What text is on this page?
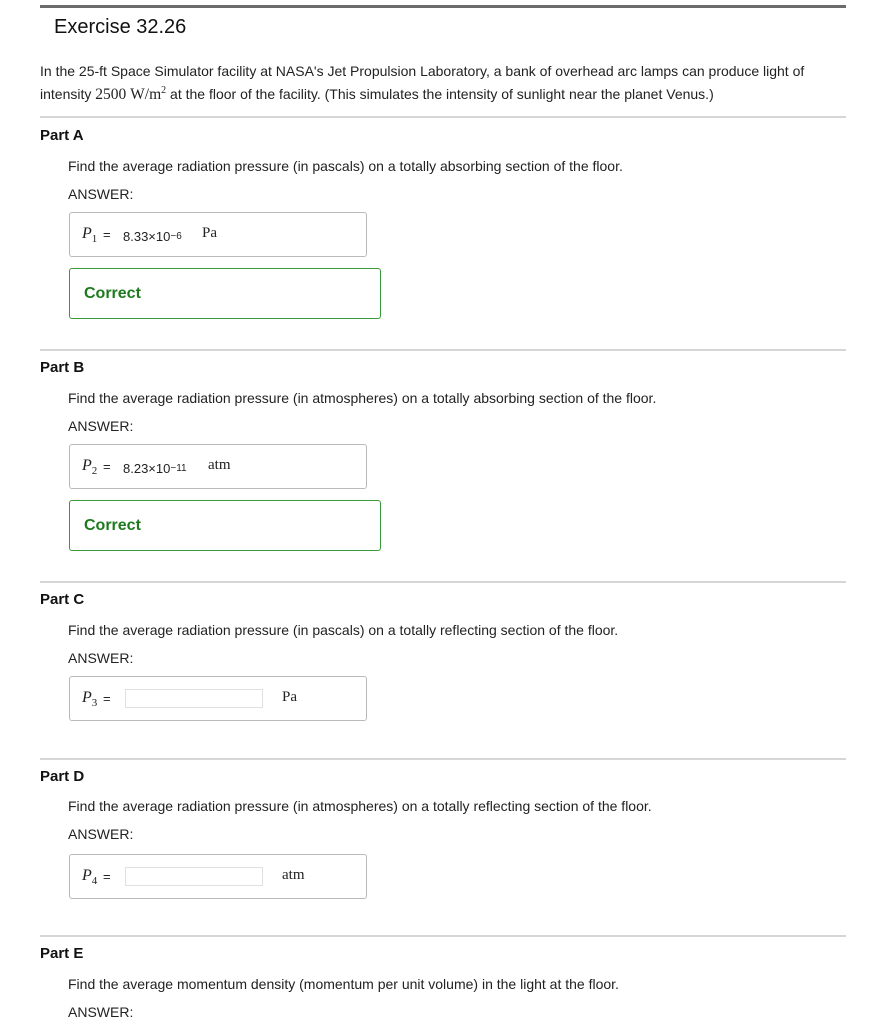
Exercise 32.26
In the 25-ft Space Simulator facility at NASA's Jet Propulsion Laboratory, a bank of overhead arc lamps can produce light of intensity 2500 $W/m^2$ at the floor of the facility. (This simulates the intensity of sunlight near the planet Venus.)
Part A
Find the average radiation pressure (in pascals) on a totally absorbing section of the floor.
ANSWER:
$P_1 = 8.33\times 10^{-6}$ Pa
Correct
Part B
Find the average radiation pressure (in atmospheres) on a totally absorbing section of the floor.
ANSWER:
$P_2 = 8.23\times 10^{-11}$ atm
Correct
Part C
Find the average radiation pressure (in pascals) on a totally reflecting section of the floor.
ANSWER:
$P_3$ =	Pa
Part D
Find the average radiation pressure (in atmospheres) on a totally reflecting section of the floor.
ANSWER:
$P_4$ =	atm
Part E
Find the average momentum density (momentum per unit volume) in the light at the floor.
ANSWER:
